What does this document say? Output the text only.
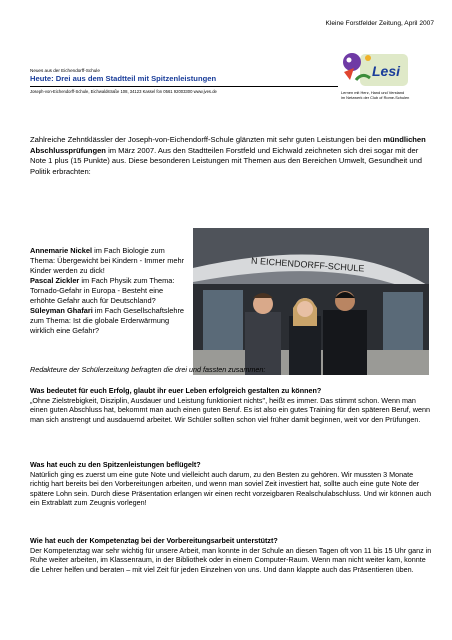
Kleine Forstfelder Zeitung, April 2007
Neues aus der Eichendorff-Schule
Heute: Drei aus dem Stadtteil mit Spitzenleistungen
Joseph-von-Eichendorff-Schule, Eichwaldstraße 108, 34123 Kassel fon 0561 92003300 www.jves.de
Lesi
Lernen mit Herz, Hand und Verstand
im Netzwerk der Club of Rome-Schulen
Zahlreiche Zehntklässler der Joseph-von-Eichendorff-Schule glänzten mit sehr guten Leistungen bei den mündlichen Abschlussprüfungen im März 2007. Aus den Stadtteilen Forstfeld und Eichwald zeichneten sich drei sogar mit der Note 1 plus (15 Punkte) aus. Diese besonderen Leistungen mit Themen aus den Bereichen Umwelt, Gesundheit und Politik erbrachten:
Annemarie Nickel im Fach Biologie zum Thema: Übergewicht bei Kindern - Immer mehr Kinder werden zu dick!
Pascal Zickler im Fach Physik zum Thema: Tornado-Gefahr in Europa - Besteht eine erhöhte Gefahr auch für Deutschland?
Süleyman Ghafari im Fach Gesellschaftslehre zum Thema: Ist die globale Erderwärmung wirklich eine Gefahr?
N EICHENDORFF-SCHULE
Redakteure der Schülerzeitung befragten die drei und fassten zusammen:

Was bedeutet für euch Erfolg, glaubt ihr euer Leben erfolgreich gestalten zu können?

„Ohne Zielstrebigkeit, Disziplin, Ausdauer und Leistung funktioniert nichts", heißt es immer. Das stimmt schon. Wenn man einen guten Abschluss hat, bekommt man auch einen guten Beruf. Es ist also ein gutes Training für den späteren Beruf, wenn man sich anstrengt und ausdauernd arbeitet. Wir Schüler sollten schon viel früher damit beginnen, weit vor den Prüfungen.

Was hat euch zu den Spitzenleistungen beflügelt?

Natürlich ging es zuerst um eine gute Note und vielleicht auch darum, zu den Besten zu gehören. Wir mussten 3 Monate richtig hart bereits bei den Vorbereitungen arbeiten, und wenn man soviel Zeit investiert hat, sollte auch eine gute Note der spätere Lohn sein. Durch diese Präsentation erlangen wir einen recht vorzeigbaren Realschulabschluss. Und wir können auch ein Extrablatt zum Zeugnis vorlegen!

Wie hat euch der Kompetenztag bei der Vorbereitungsarbeit unterstützt?

Der Kompetenztag war sehr wichtig für unsere Arbeit, man konnte in der Schule an diesen Tagen oft von 11 bis 15 Uhr ganz in Ruhe weiter arbeiten, im Klassenraum, in der Bibliothek oder in einem Computer-Raum. Wenn man nicht weiter kam, konnte die Lehrer helfen und beraten – mit viel Zeit für jeden Einzelnen von uns. Und dann klappte auch das Präsentieren üben.
